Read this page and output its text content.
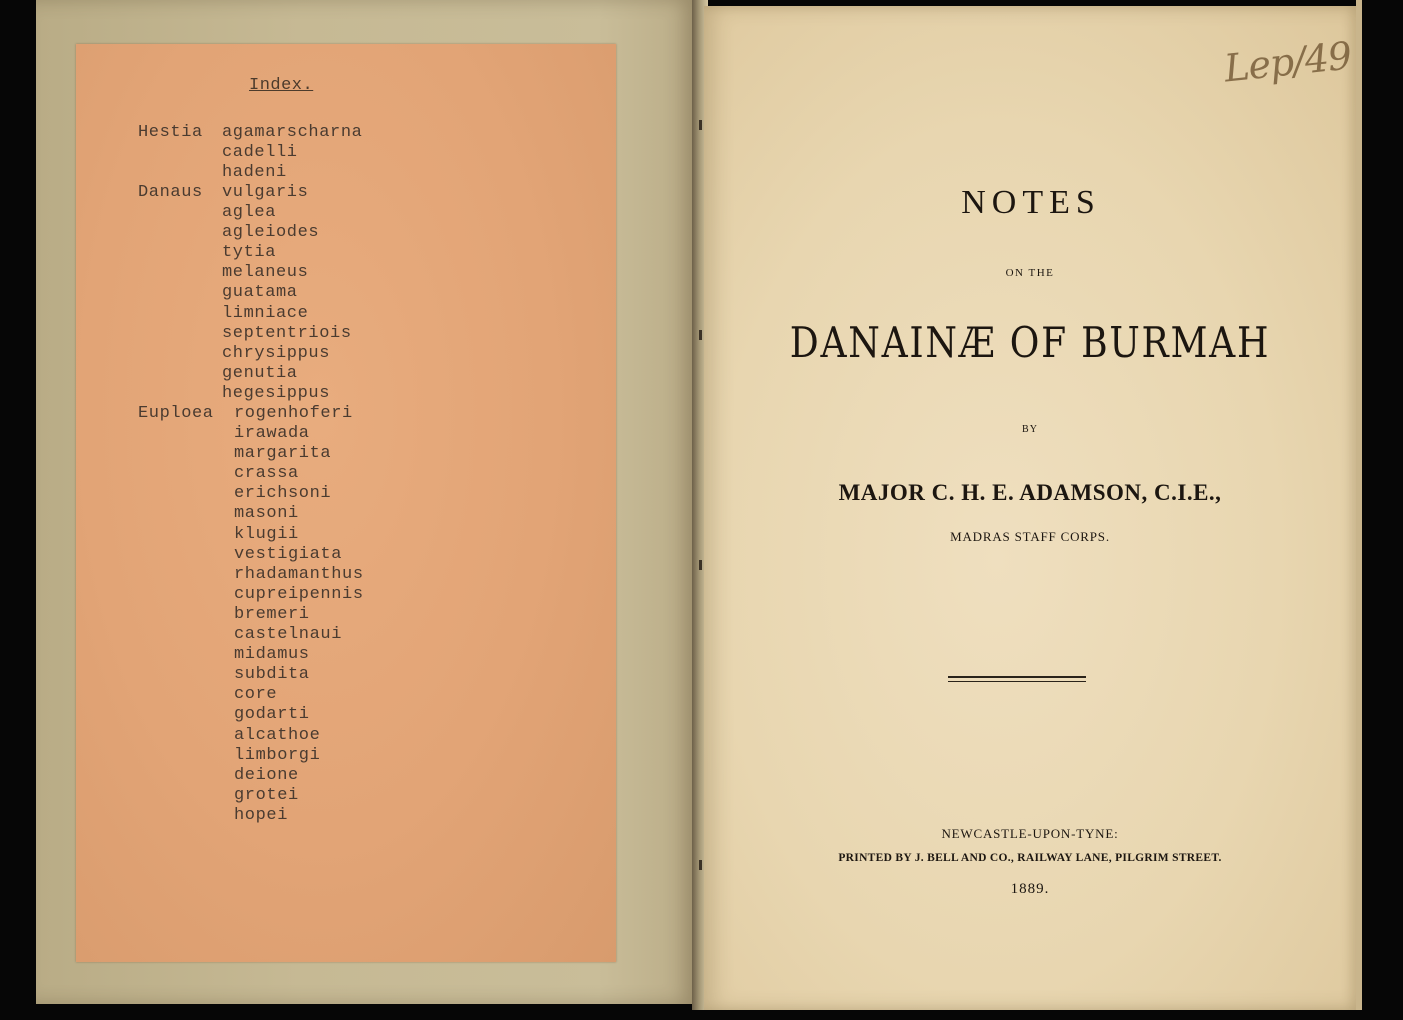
Index.
Hestia agamarscharna
cadelli
hadeni
Danaus vulgaris
aglea
agleiodes
tytia
melaneus
guatama
limniace
septentriois
chrysippus
genutia
hegesippus
Euploea rogenhoferi
irawada
margarita
crassa
erichsoni
masoni
klugii
vestigiata
rhadamanthus
cupreipennis
bremeri
castelnaui
midamus
subdita
core
godarti
alcathoe
limborgi
deione
grotei
hopei
Lep/49
NOTES
ON THE
DANAINÆ OF BURMAH
BY
MAJOR C. H. E. ADAMSON, C.I.E.,
MADRAS STAFF CORPS.
NEWCASTLE-UPON-TYNE:
PRINTED BY J. BELL AND CO., RAILWAY LANE, PILGRIM STREET.
1889.
